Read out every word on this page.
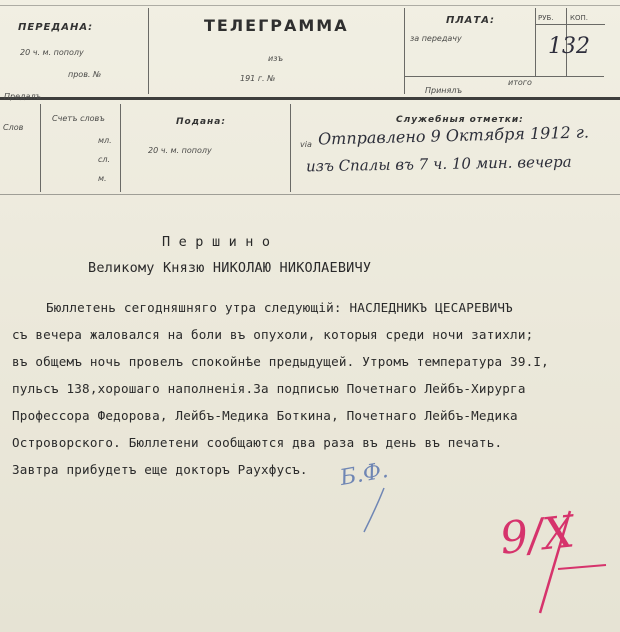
ПЕРЕДАНА:
20 ч. м. пополу
пров. №
Предалъ
ТЕЛЕГРАММА
изъ
191 г. №
ПЛАТА:	РУБ. КОП.
за передачу
итого
Принялъ
132
Слов
Счетъ словъ
мл.
сл.
м.
Подана:
20 ч. м. пополу
Служебныя отметки:
via Отправлено 9 Октября 1912 г.
изъ Спалы въ 7 ч. 10 мин. вечера
П е р ш и н о
Великому Князю НИКОЛАЮ НИКОЛАЕВИЧУ
Бюллетень сегодняшняго утра следующій: НАСЛЕДНИКЪ ЦЕСАРЕВИЧЪ
съ вечера жаловался на боли въ опухоли, которыя среди ночи затихли;
въ общемъ ночь провелъ спокойнѣе предыдущей. Утромъ температура 39.I,
пульсъ 138,хорошаго наполненія.За подписью Почетнаго Лейбъ-Хирурга
Профессора Федорова, Лейбъ-Медика Боткина, Почетнаго Лейбъ-Медика
Островорского. Бюллетени сообщаются два раза въ день въ печать.
Завтра прибудетъ еще докторъ Раухфусъ. Б.Ф.
9/X
